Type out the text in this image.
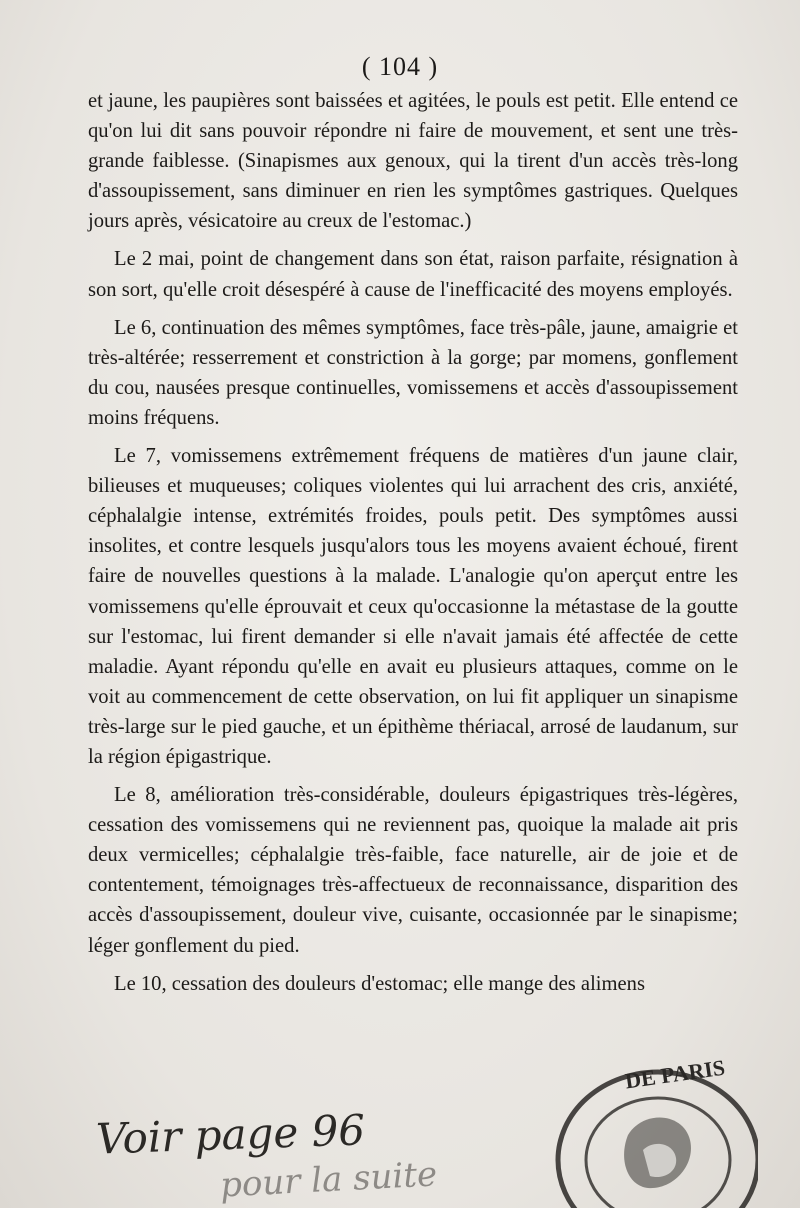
( 104 )

et jaune, les paupières sont baissées et agitées, le pouls est petit. Elle entend ce qu'on lui dit sans pouvoir répondre ni faire de mouvement, et sent une très-grande faiblesse. (Sinapismes aux genoux, qui la tirent d'un accès très-long d'assoupissement, sans diminuer en rien les symptômes gastriques. Quelques jours après, vésicatoire au creux de l'estomac.)

Le 2 mai, point de changement dans son état, raison parfaite, résignation à son sort, qu'elle croit désespéré à cause de l'inefficacité des moyens employés.

Le 6, continuation des mêmes symptômes, face très-pâle, jaune, amaigrie et très-altérée; resserrement et constriction à la gorge; par momens, gonflement du cou, nausées presque continuelles, vomissemens et accès d'assoupissement moins fréquens.

Le 7, vomissemens extrêmement fréquens de matières d'un jaune clair, bilieuses et muqueuses; coliques violentes qui lui arrachent des cris, anxiété, céphalalgie intense, extrémités froides, pouls petit. Des symptômes aussi insolites, et contre lesquels jusqu'alors tous les moyens avaient échoué, firent faire de nouvelles questions à la malade. L'analogie qu'on aperçut entre les vomissemens qu'elle éprouvait et ceux qu'occasionne la métastase de la goutte sur l'estomac, lui firent demander si elle n'avait jamais été affectée de cette maladie. Ayant répondu qu'elle en avait eu plusieurs attaques, comme on le voit au commencement de cette observation, on lui fit appliquer un sinapisme très-large sur le pied gauche, et un épithème thériacal, arrosé de laudanum, sur la région épigastrique.

Le 8, amélioration très-considérable, douleurs épigastriques très-légères, cessation des vomissemens qui ne reviennent pas, quoique la malade ait pris deux vermicelles; céphalalgie très-faible, face naturelle, air de joie et de contentement, témoignages très-affectueux de reconnaissance, disparition des accès d'assoupissement, douleur vive, cuisante, occasionnée par le sinapisme; léger gonflement du pied.

Le 10, cessation des douleurs d'estomac; elle mange des alimens

Voir page 96
pour la suite
DE PARIS
